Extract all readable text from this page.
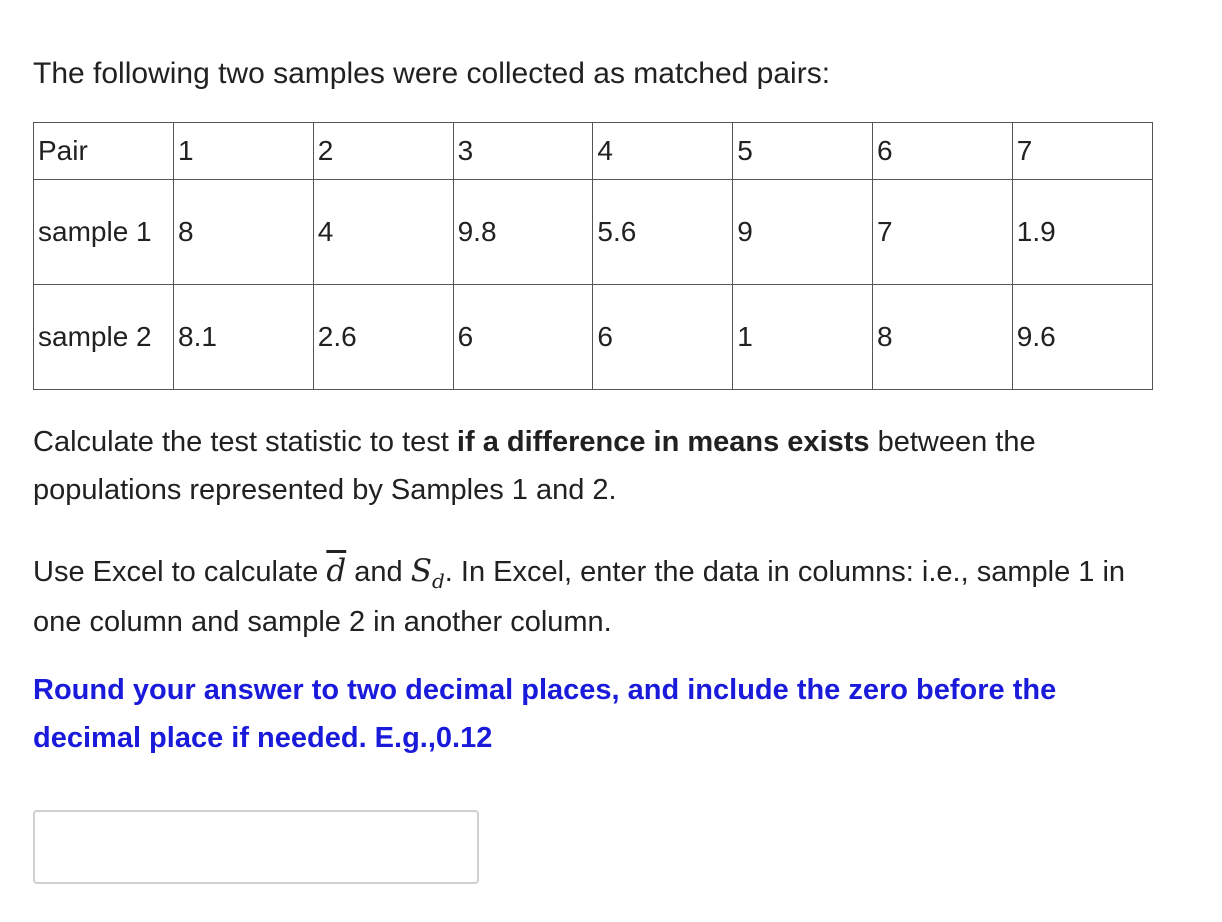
The following two samples were collected as matched pairs:

Pair	1	2	3	4	5	6	7
sample 1	8	4	9.8	5.6	9	7	1.9
sample 2	8.1	2.6	6	6	1	8	9.6

Calculate the test statistic to test if a difference in means exists between the populations represented by Samples 1 and 2.

Use Excel to calculate $\overline{d}$ and $S_d$. In Excel, enter the data in columns: i.e., sample 1 in one column and sample 2 in another column.

Round your answer to two decimal places, and include the zero before the decimal place if needed. E.g.,0.12
